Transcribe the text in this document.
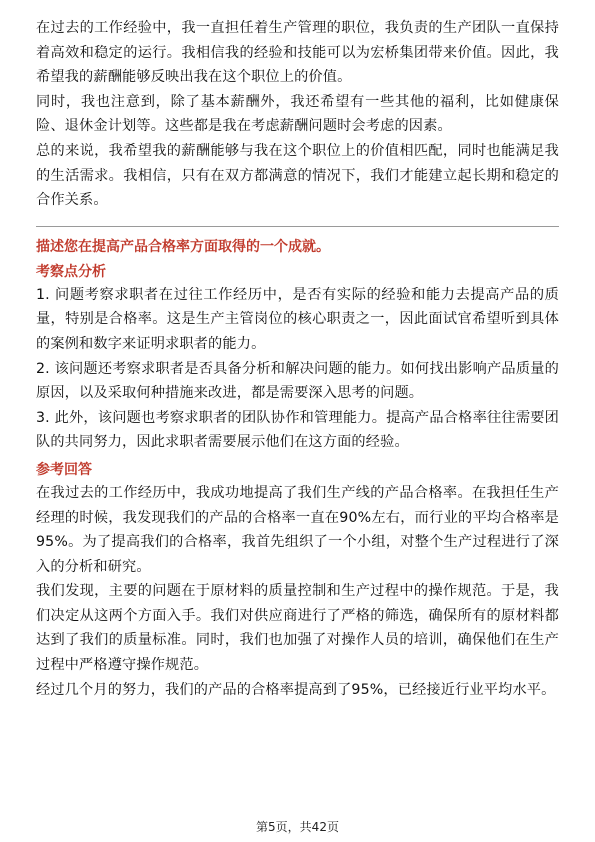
在过去的工作经验中，我一直担任着生产管理的职位，我负责的生产团队一直保持着高效和稳定的运行。我相信我的经验和技能可以为宏桥集团带来价值。因此，我希望我的薪酬能够反映出我在这个职位上的价值。

同时，我也注意到，除了基本薪酬外，我还希望有一些其他的福利，比如健康保险、退休金计划等。这些都是我在考虑薪酬问题时会考虑的因素。

总的来说，我希望我的薪酬能够与我在这个职位上的价值相匹配，同时也能满足我的生活需求。我相信，只有在双方都满意的情况下，我们才能建立起长期和稳定的合作关系。

描述您在提高产品合格率方面取得的一个成就。
考察点分析

1. 问题考察求职者在过往工作经历中，是否有实际的经验和能力去提高产品的质量，特别是合格率。这是生产主管岗位的核心职责之一，因此面试官希望听到具体的案例和数字来证明求职者的能力。

2. 该问题还考察求职者是否具备分析和解决问题的能力。如何找出影响产品质量的原因，以及采取何种措施来改进，都是需要深入思考的问题。

3. 此外，该问题也考察求职者的团队协作和管理能力。提高产品合格率往往需要团队的共同努力，因此求职者需要展示他们在这方面的经验。

参考回答

在我过去的工作经历中，我成功地提高了我们生产线的产品合格率。在我担任生产经理的时候，我发现我们的产品的合格率一直在90%左右，而行业的平均合格率是95%。为了提高我们的合格率，我首先组织了一个小组，对整个生产过程进行了深入的分析和研究。

我们发现，主要的问题在于原材料的质量控制和生产过程中的操作规范。于是，我们决定从这两个方面入手。我们对供应商进行了严格的筛选，确保所有的原材料都达到了我们的质量标准。同时，我们也加强了对操作人员的培训，确保他们在生产过程中严格遵守操作规范。

经过几个月的努力，我们的产品的合格率提高到了95%，已经接近行业平均水平。

第5页，共42页
